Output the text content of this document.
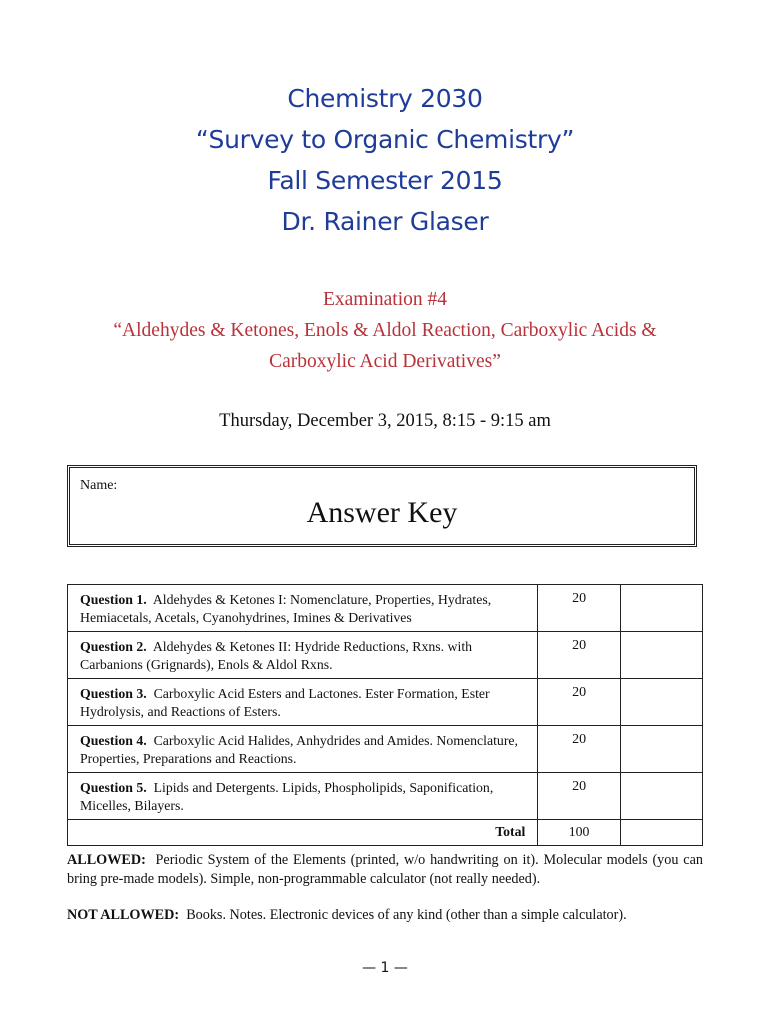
Chemistry 2030
“Survey to Organic Chemistry”
Fall Semester 2015
Dr. Rainer Glaser
Examination #4
“Aldehydes & Ketones, Enols & Aldol Reaction, Carboxylic Acids &
Carboxylic Acid Derivatives”
Thursday, December 3, 2015, 8:15 - 9:15 am
Name:
Answer Key
Question 1. Aldehydes & Ketones I: Nomenclature, Properties, Hydrates, Hemiacetals, Acetals, Cyanohydrines, Imines & Derivatives	20	
Question 2. Aldehydes & Ketones II: Hydride Reductions, Rxns. with Carbanions (Grignards), Enols & Aldol Rxns.	20	
Question 3. Carboxylic Acid Esters and Lactones. Ester Formation, Ester Hydrolysis, and Reactions of Esters.	20	
Question 4. Carboxylic Acid Halides, Anhydrides and Amides. Nomenclature, Properties, Preparations and Reactions.	20	
Question 5. Lipids and Detergents. Lipids, Phospholipids, Saponification, Micelles, Bilayers.	20	
Total	100	
ALLOWED: Periodic System of the Elements (printed, w/o handwriting on it). Molecular models (you can bring pre-made models). Simple, non-programmable calculator (not really needed).
NOT ALLOWED: Books. Notes. Electronic devices of any kind (other than a simple calculator).
— 1 —
